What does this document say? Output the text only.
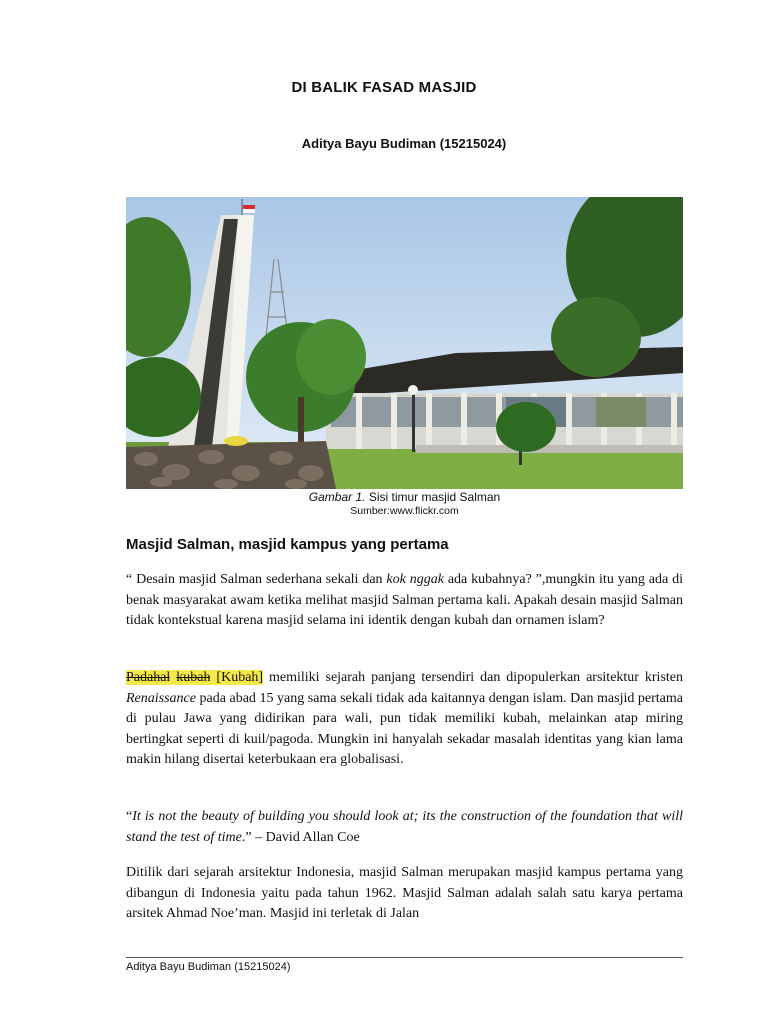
DI BALIK FASAD MASJID
Aditya Bayu Budiman (15215024)
Gambar 1. Sisi timur masjid Salman
Sumber:www.flickr.com
Masjid Salman, masjid kampus yang pertama
“ Desain masjid Salman sederhana sekali dan kok nggak ada kubahnya? ”,mungkin itu yang ada di benak masyarakat awam ketika melihat masjid Salman pertama kali. Apakah desain masjid Salman tidak kontekstual karena masjid selama ini identik dengan kubah dan ornamen islam?
Padahal kubah [Kubah] memiliki sejarah panjang tersendiri dan dipopulerkan arsitektur kristen Renaissance pada abad 15 yang sama sekali tidak ada kaitannya dengan islam. Dan masjid pertama di pulau Jawa yang didirikan para wali, pun tidak memiliki kubah, melainkan atap miring bertingkat seperti di kuil/pagoda. Mungkin ini hanyalah sekadar masalah identitas yang kian lama makin hilang disertai keterbukaan era globalisasi.
“It is not the beauty of building you should look at; its the construction of the foundation that will stand the test of time.” – David Allan Coe
Ditilik dari sejarah arsitektur Indonesia, masjid Salman merupakan masjid kampus pertama yang dibangun di Indonesia yaitu pada tahun 1962. Masjid Salman adalah salah satu karya pertama arsitek Ahmad Noe’man. Masjid ini terletak di Jalan
Aditya Bayu Budiman (15215024)
